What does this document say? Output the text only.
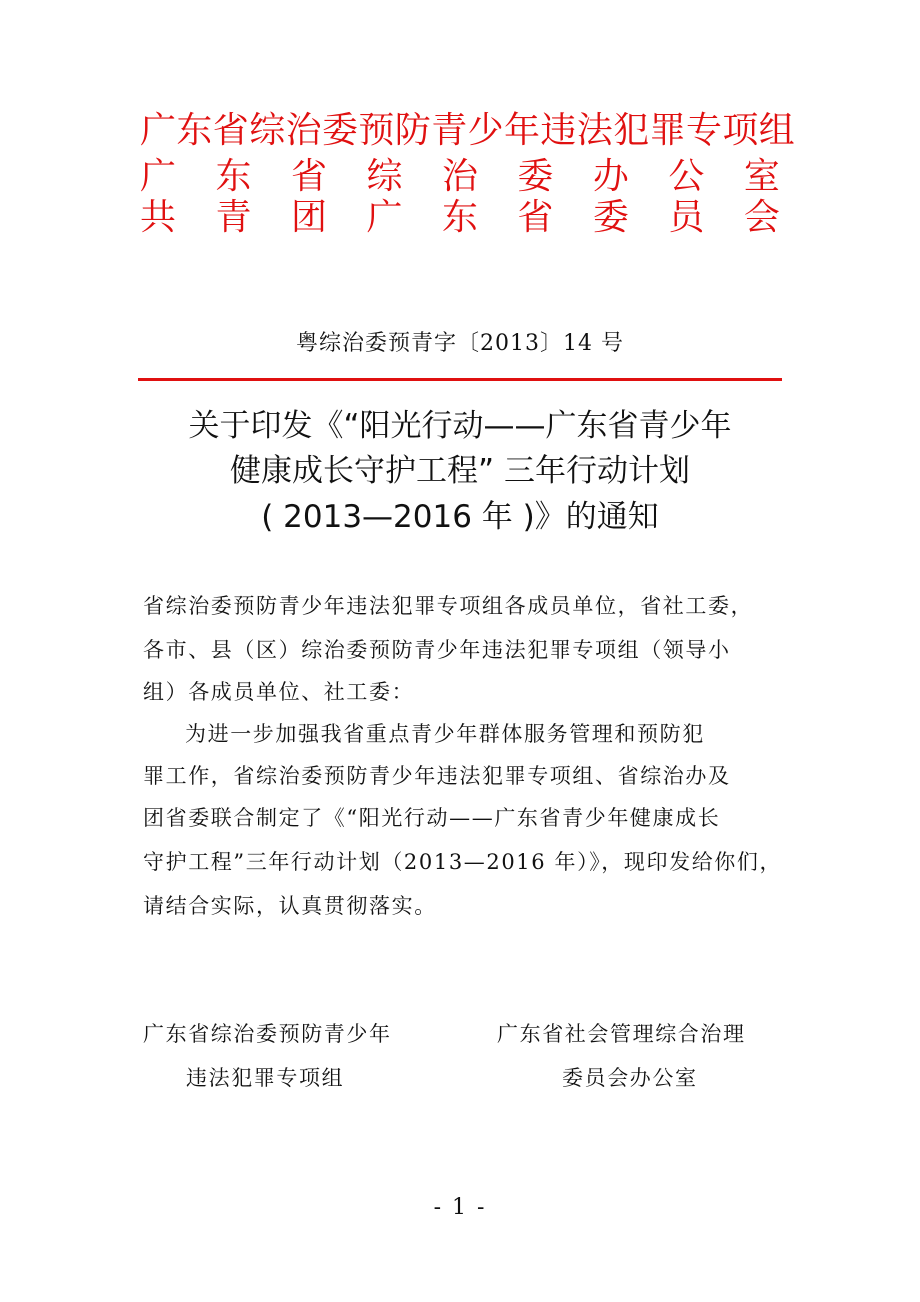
广东省综治委预防青少年违法犯罪专项组
广 东 省 综 治 委 办 公 室
共 青 团 广 东 省 委 员 会
粤综治委预青字〔2013〕14 号
关于印发《“阳光行动——广东省青少年
健康成长守护工程” 三年行动计划
( 2013—2016 年 )》的通知
省综治委预防青少年违法犯罪专项组各成员单位，省社工委，
各市、县（区）综治委预防青少年违法犯罪专项组（领导小
组）各成员单位、社工委：
为进一步加强我省重点青少年群体服务管理和预防犯
罪工作，省综治委预防青少年违法犯罪专项组、省综治办及
团省委联合制定了《“阳光行动——广东省青少年健康成长
守护工程”三年行动计划（2013—2016 年）》，现印发给你们，
请结合实际，认真贯彻落实。
广东省综治委预防青少年
违法犯罪专项组
广东省社会管理综合治理
委员会办公室
- 1 -
